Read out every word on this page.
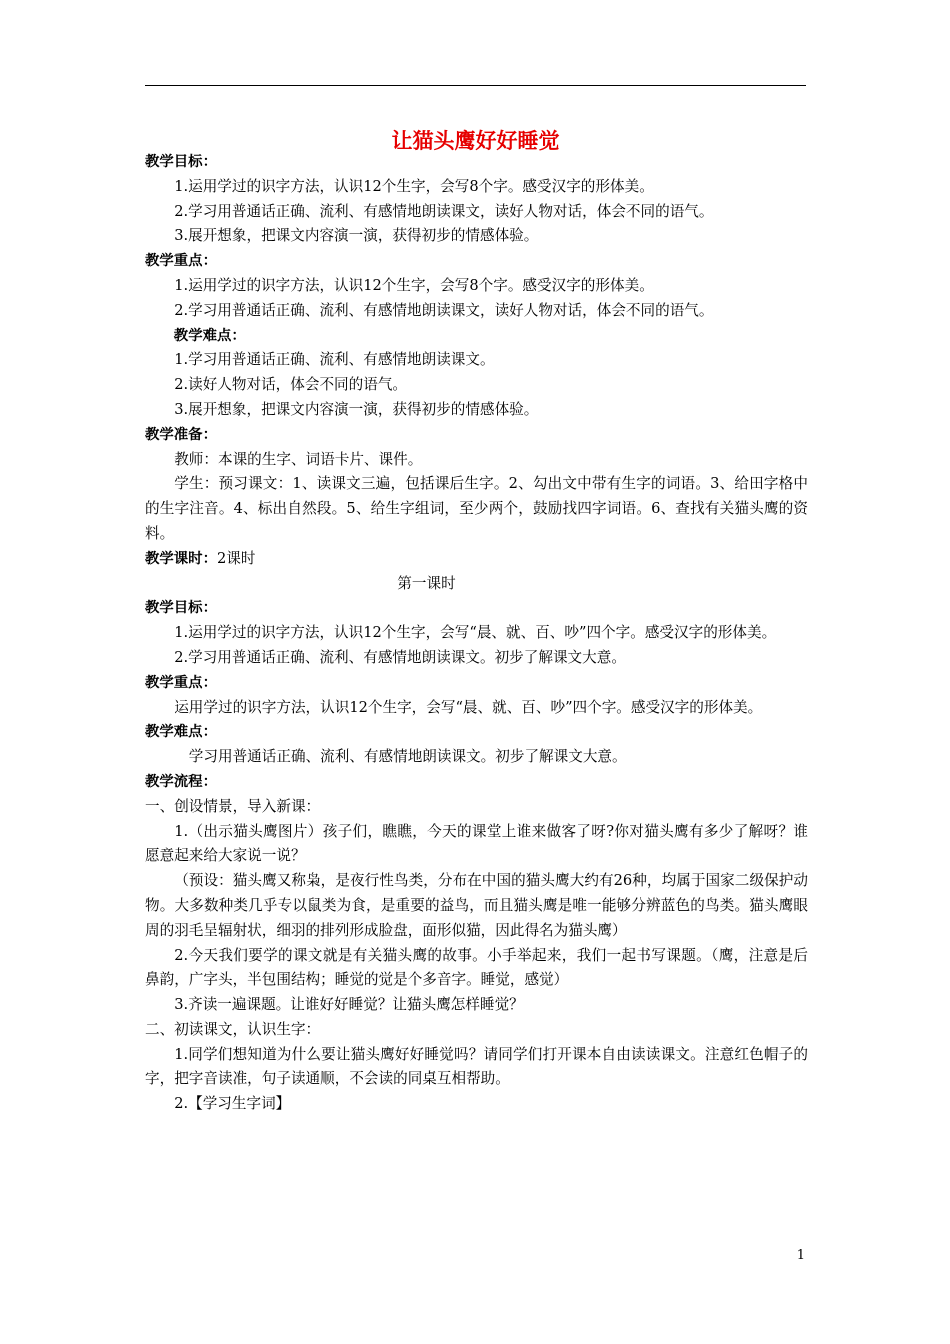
让猫头鹰好好睡觉

教学目标：

1.运用学过的识字方法，认识12个生字，会写8个字。感受汉字的形体美。

2.学习用普通话正确、流利、有感情地朗读课文，读好人物对话，体会不同的语气。

3.展开想象，把课文内容演一演，获得初步的情感体验。

教学重点：

1.运用学过的识字方法，认识12个生字，会写8个字。感受汉字的形体美。

2.学习用普通话正确、流利、有感情地朗读课文，读好人物对话，体会不同的语气。

教学难点：

1.学习用普通话正确、流利、有感情地朗读课文。

2.读好人物对话，体会不同的语气。

3.展开想象，把课文内容演一演，获得初步的情感体验。

教学准备：

教师：本课的生字、词语卡片、课件。

学生：预习课文：1、读课文三遍，包括课后生字。2、勾出文中带有生字的词语。3、给田字格中的生字注音。4、标出自然段。5、给生字组词，至少两个，鼓励找四字词语。6、查找有关猫头鹰的资料。

教学课时：2课时

第一课时

教学目标：

1.运用学过的识字方法，认识12个生字，会写“晨、就、百、吵”四个字。感受汉字的形体美。

2.学习用普通话正确、流利、有感情地朗读课文。初步了解课文大意。

教学重点：

运用学过的识字方法，认识12个生字，会写“晨、就、百、吵”四个字。感受汉字的形体美。

教学难点：

学习用普通话正确、流利、有感情地朗读课文。初步了解课文大意。

教学流程：

一、创设情景，导入新课：

1.（出示猫头鹰图片）孩子们，瞧瞧，今天的课堂上谁来做客了呀?你对猫头鹰有多少了解呀？谁愿意起来给大家说一说？

（预设：猫头鹰又称枭，是夜行性鸟类，分布在中国的猫头鹰大约有26种，均属于国家二级保护动物。大多数种类几乎专以鼠类为食，是重要的益鸟，而且猫头鹰是唯一能够分辨蓝色的鸟类。猫头鹰眼周的羽毛呈辐射状，细羽的排列形成脸盘，面形似猫，因此得名为猫头鹰）

2.今天我们要学的课文就是有关猫头鹰的故事。小手举起来，我们一起书写课题。（鹰，注意是后鼻韵，广字头，半包围结构；睡觉的觉是个多音字。睡觉，感觉）

3.齐读一遍课题。让谁好好睡觉？让猫头鹰怎样睡觉？

二、初读课文，认识生字：

1.同学们想知道为什么要让猫头鹰好好睡觉吗？请同学们打开课本自由读读课文。注意红色帽子的字，把字音读准，句子读通顺，不会读的同桌互相帮助。

2.【学习生字词】

1
